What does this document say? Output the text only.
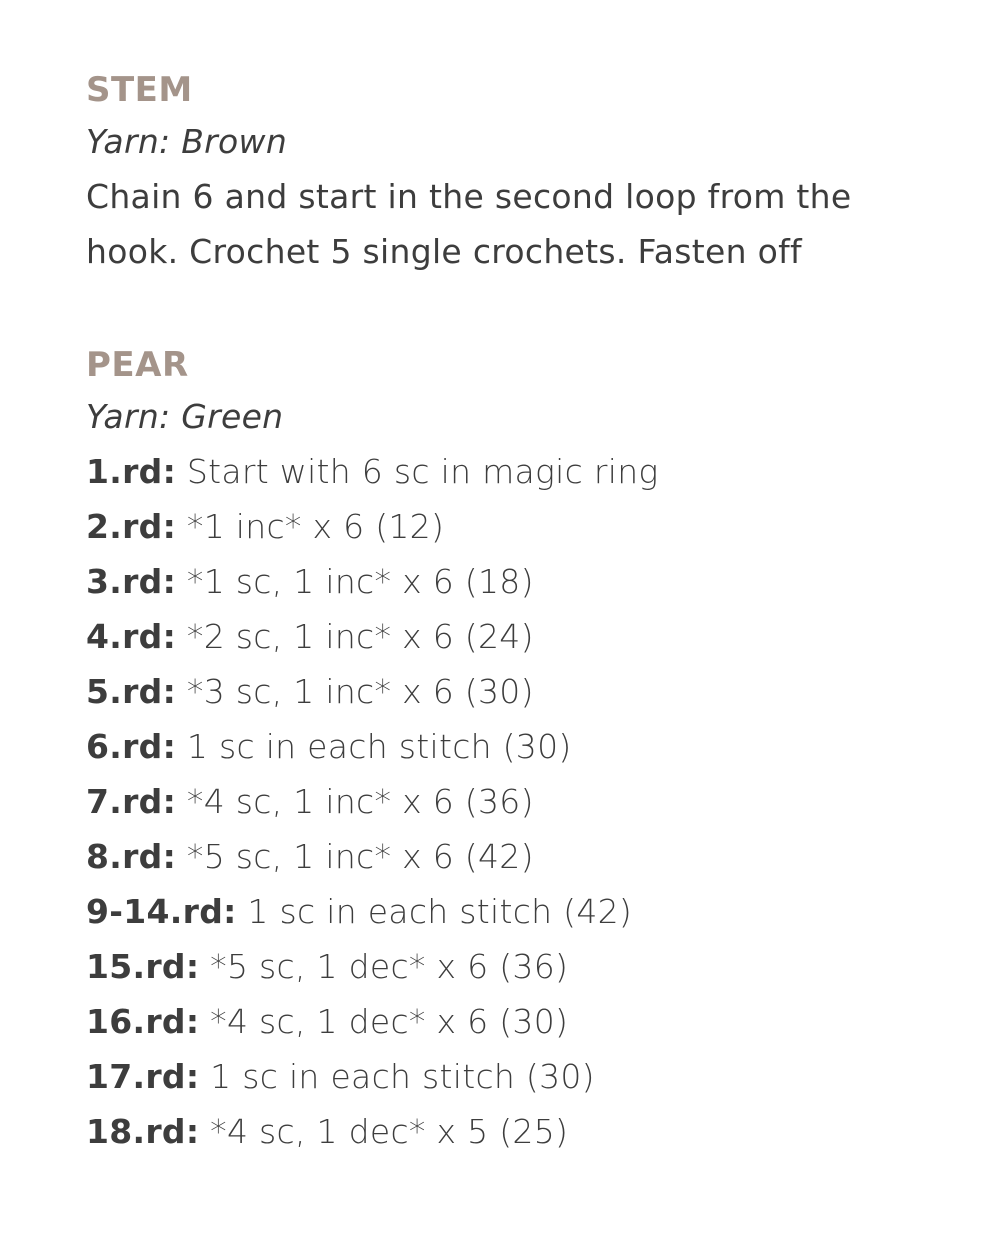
STEM
Yarn: Brown
Chain 6 and start in the second loop from the
hook. Crochet 5 single crochets. Fasten off
PEAR
Yarn: Green
1.rd: Start with 6 sc in magic ring
2.rd: *1 inc* x 6 (12)
3.rd: *1 sc, 1 inc* x 6 (18)
4.rd: *2 sc, 1 inc* x 6 (24)
5.rd: *3 sc, 1 inc* x 6 (30)
6.rd: 1 sc in each stitch (30)
7.rd: *4 sc, 1 inc* x 6 (36)
8.rd: *5 sc, 1 inc* x 6 (42)
9-14.rd: 1 sc in each stitch (42)
15.rd: *5 sc, 1 dec* x 6 (36)
16.rd: *4 sc, 1 dec* x 6 (30)
17.rd: 1 sc in each stitch (30)
18.rd: *4 sc, 1 dec* x 5 (25)
